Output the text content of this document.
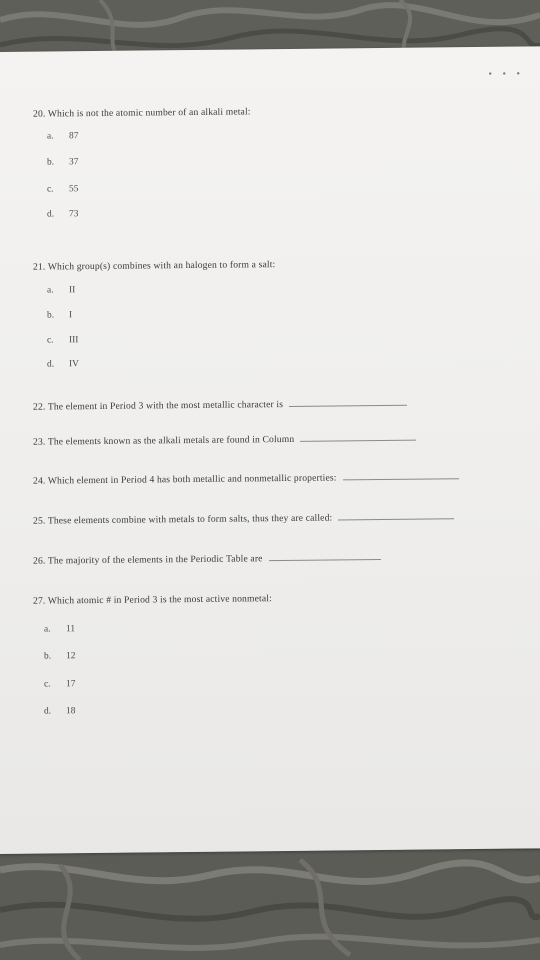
• • •
20. Which is not the atomic number of an alkali metal:
a. 87
b. 37
c. 55
d. 73
21. Which group(s) combines with an halogen to form a salt:
a. II
b. I
c. III
d. IV
22. The element in Period 3 with the most metallic character is
23. The elements known as the alkali metals are found in Column
24. Which element in Period 4 has both metallic and nonmetallic properties:
25. These elements combine with metals to form salts, thus they are called:
26. The majority of the elements in the Periodic Table are
27. Which atomic # in Period 3 is the most active nonmetal:
a. 11
b. 12
c. 17
d. 18
